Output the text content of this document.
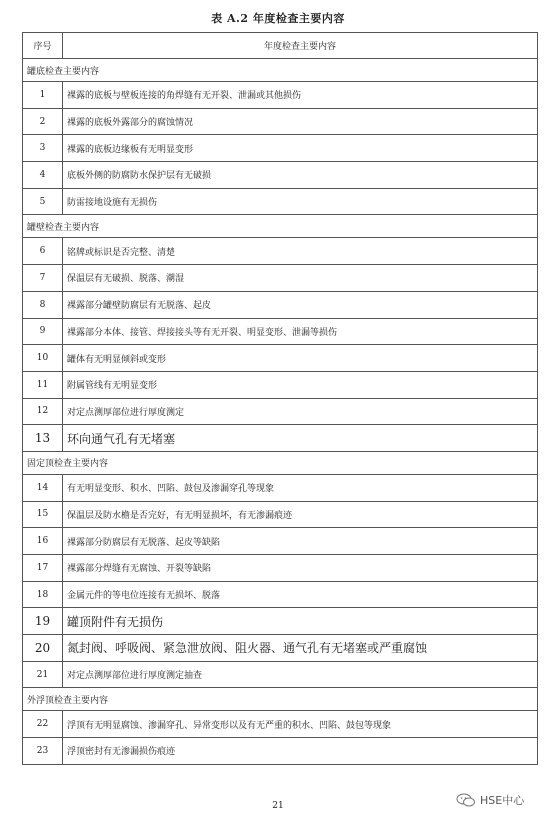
表 A.2 年度检查主要内容
序号	年度检查主要内容
罐底检查主要内容	
1	裸露的底板与壁板连接的角焊缝有无开裂、泄漏或其他损伤
2	裸露的底板外露部分的腐蚀情况
3	裸露的底板边缘板有无明显变形
4	底板外侧的防腐防水保护层有无破损
5	防雷接地设施有无损伤
罐壁检查主要内容	
6	铭牌或标识是否完整、清楚
7	保温层有无破损、脱落、潮湿
8	裸露部分罐壁防腐层有无脱落、起皮
9	裸露部分本体、接管、焊接接头等有无开裂、明显变形、泄漏等损伤
10	罐体有无明显倾斜或变形
11	附属管线有无明显变形
12	对定点测厚部位进行厚度测定
13	环向通气孔有无堵塞
固定顶检查主要内容	
14	有无明显变形、积水、凹陷、鼓包及渗漏穿孔等现象
15	保温层及防水檐是否完好，有无明显损坏，有无渗漏痕迹
16	裸露部分防腐层有无脱落、起皮等缺陷
17	裸露部分焊缝有无腐蚀、开裂等缺陷
18	金属元件的等电位连接有无损坏、脱落
19	罐顶附件有无损伤
20	氮封阀、呼吸阀、紧急泄放阀、阻火器、通气孔有无堵塞或严重腐蚀
21	对定点测厚部位进行厚度测定抽查
外浮顶检查主要内容	
22	浮顶有无明显腐蚀、渗漏穿孔、异常变形以及有无严重的积水、凹陷、鼓包等现象
23	浮顶密封有无渗漏损伤痕迹
21	HSE中心
